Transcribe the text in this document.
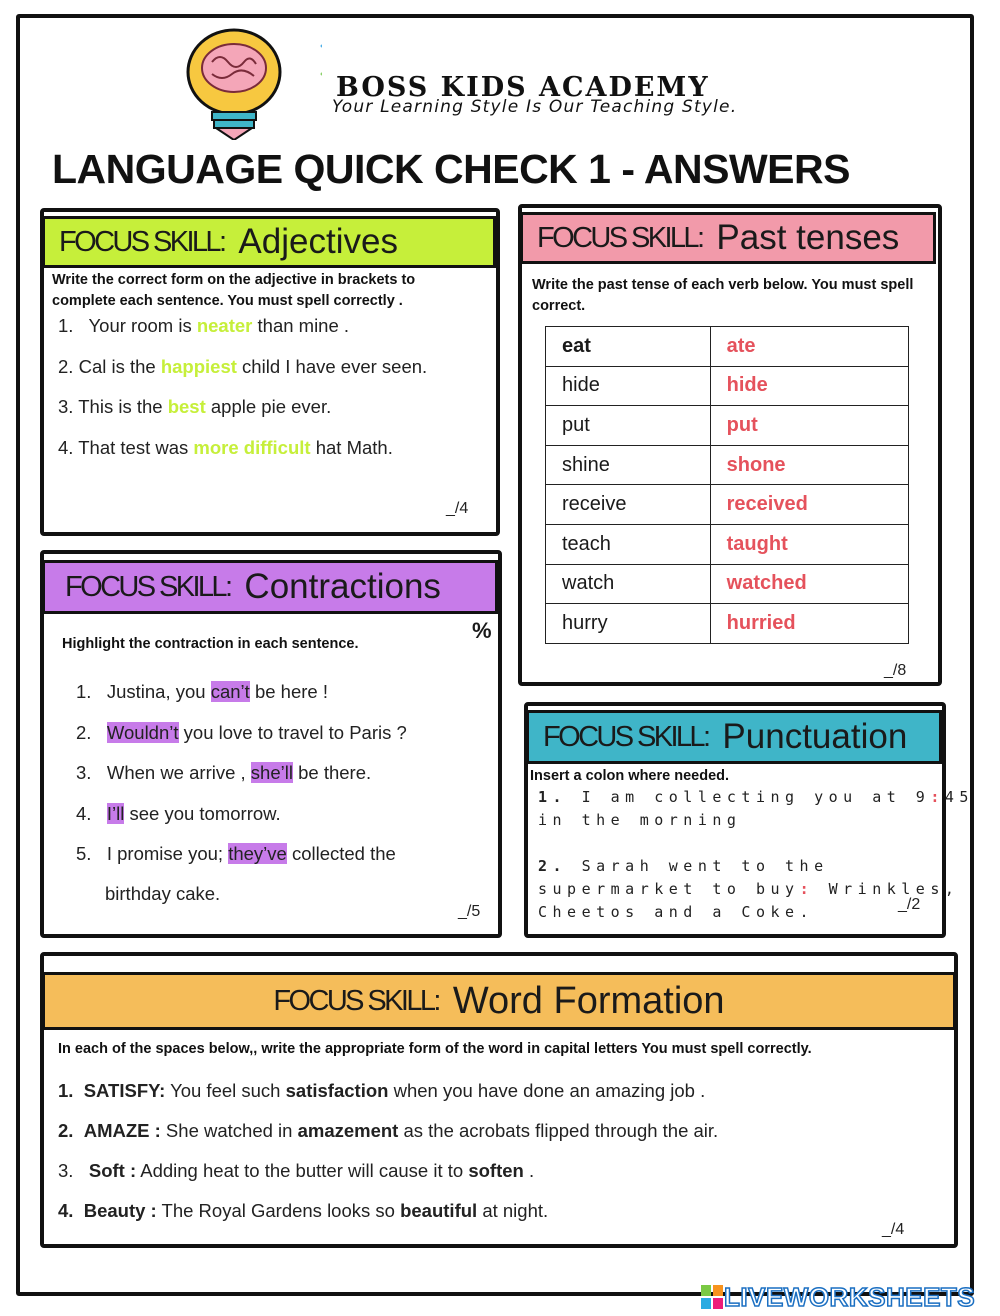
BOSS KIDS ACADEMY
Your Learning Style Is Our Teaching Style.
LANGUAGE QUICK CHECK 1 - ANSWERS
FOCUS SKILL: Adjectives
Write the correct form on the adjective in brackets to complete each sentence. You must spell correctly .
1. Your room is neater than mine .
2. Cal is the happiest child I have ever seen.
3. This is the best apple pie ever.
4. That test was more difficult hat Math.
_/4
FOCUS SKILL: Past tenses
Write the past tense of each verb below. You must spell correct.
eat	ate
hide	hide
put	put
shine	shone
receive	received
teach	taught
watch	watched
hurry	hurried
_/8
FOCUS SKILL: Contractions
Highlight the contraction in each sentence.
%
1. Justina, you can’t be here !
2. Wouldn’t you love to travel to Paris ?
3. When we arrive , she’ll be there.
4. I’ll see you tomorrow.
5. I promise you; they’ve collected the
birthday cake.
_/5
FOCUS SKILL: Punctuation
Insert a colon where needed.
1. I am collecting you at 9:45
in the morning
2. Sarah went to the
supermarket to buy: Wrinkles,
Cheetos and a Coke.	_/2
FOCUS SKILL: Word Formation
In each of the spaces below,, write the appropriate form of the word in capital letters You must spell correctly.
1. SATISFY: You feel such satisfaction when you have done an amazing job .
2. AMAZE : She watched in amazement as the acrobats flipped through the air.
3. Soft : Adding heat to the butter will cause it to soften .
4. Beauty : The Royal Gardens looks so beautiful at night.
_/4
LIVEWORKSHEETS
